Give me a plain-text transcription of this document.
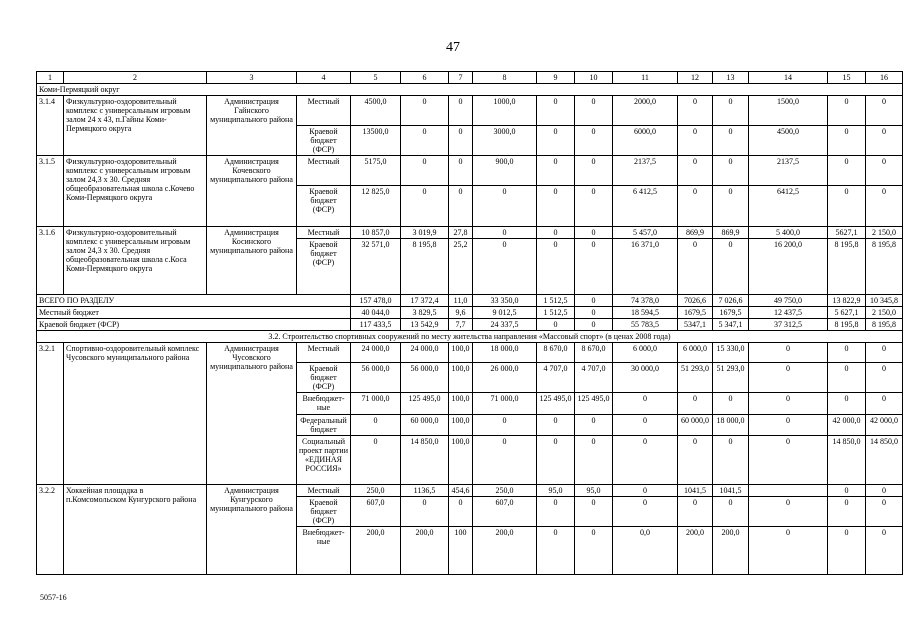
47
1	2	3	4	5	6	7	8	9	10	11	12	13	14	15	16
Коми-Пермяцкий округ															
3.1.4	Физкультурно-оздоровительный комплекс с универсальным игровым залом 24 х 43, п.Гайны Коми-Пермяцкого округа	Администрация Гайнского муниципального района	Местный	4500,0	0	0	1000,0	0	0	2000,0	0	0	1500,0	0	0
			Краевой бюджет (ФСР)	13500,0	0	0	3000,0	0	0	6000,0	0	0	4500,0	0	0
3.1.5	Физкультурно-оздоровительный комплекс с универсальным игровым залом 24,3 х 30. Средняя общеобразовательная школа с.Кочево Коми-Пермяцкого округа	Администрация Кочевского муниципального района	Местный	5175,0	0	0	900,0	0	0	2137,5	0	0	2137,5	0	0
			Краевой бюджет (ФСР)	12 825,0	0	0	0	0	0	6 412,5	0	0	6412,5	0	0
3.1.6	Физкультурно-оздоровительный комплекс с универсальным игровым залом 24,3 х 30. Средняя общеобразовательная школа с.Коса Коми-Пермяцкого округа	Администрация Косинского муниципального района	Местный	10 857,0	3 019,9	27,8	0	0	0	5 457,0	869,9	869,9	5 400,0	5627,1	2 150,0
			Краевой бюджет (ФСР)	32 571,0	8 195,8	25,2	0	0	0	16 371,0	0	0	16 200,0	8 195,8	8 195,8
ВСЕГО ПО РАЗДЕЛУ				157 478,0	17 372,4	11,0	33 350,0	1 512,5	0	74 378,0	7026,6	7 026,6	49 750,0	13 822,9	10 345,8
Местный бюджет				40 044,0	3 829,5	9,6	9 012,5	1 512,5	0	18 594,5	1679,5	1679,5	12 437,5	5 627,1	2 150,0
Краевой бюджет (ФСР)				117 433,5	13 542,9	7,7	24 337,5	0	0	55 783,5	5347,1	5 347,1	37 312,5	8 195,8	8 195,8
3.2. Строительство спортивных сооружений по месту жительства направления «Массовый спорт» (в ценах 2008 года)															
3.2.1	Спортивно-оздоровительный комплекс Чусовского муниципального района	Администрация Чусовского муниципального района	Местный	24 000,0	24 000,0	100,0	18 000,0	8 670,0	8 670,0	6 000,0	6 000,0	15 330,0	0	0	0
			Краевой бюджет (ФСР)	56 000,0	56 000,0	100,0	26 000,0	4 707,0	4 707,0	30 000,0	51 293,0	51 293,0	0	0	0
			Внебюджет-ные	71 000,0	125 495,0	100,0	71 000,0	125 495,0	125 495,0	0	0	0	0	0	0
			Федеральный бюджет	0	60 000,0	100,0	0	0	0	0	60 000,0	18 000,0	0	42 000,0	42 000,0
			Социальный проект партии «ЕДИНАЯ РОССИЯ»	0	14 850,0	100,0	0	0	0	0	0	0	0	14 850,0	14 850,0
3.2.2	Хоккейная площадка в п.Комсомольском Кунгурского района	Администрация Кунгурского муниципального района	Местный	250,0	1136,5	454,6	250,0	95,0	95,0	0	1041,5	1041,5		0	0
			Краевой бюджет (ФСР)	607,0	0	0	607,0	0	0	0	0	0	0	0	0
			Внебюджет-ные	200,0	200,0	100	200,0	0	0	0,0	200,0	200,0	0	0	0
5057-16
